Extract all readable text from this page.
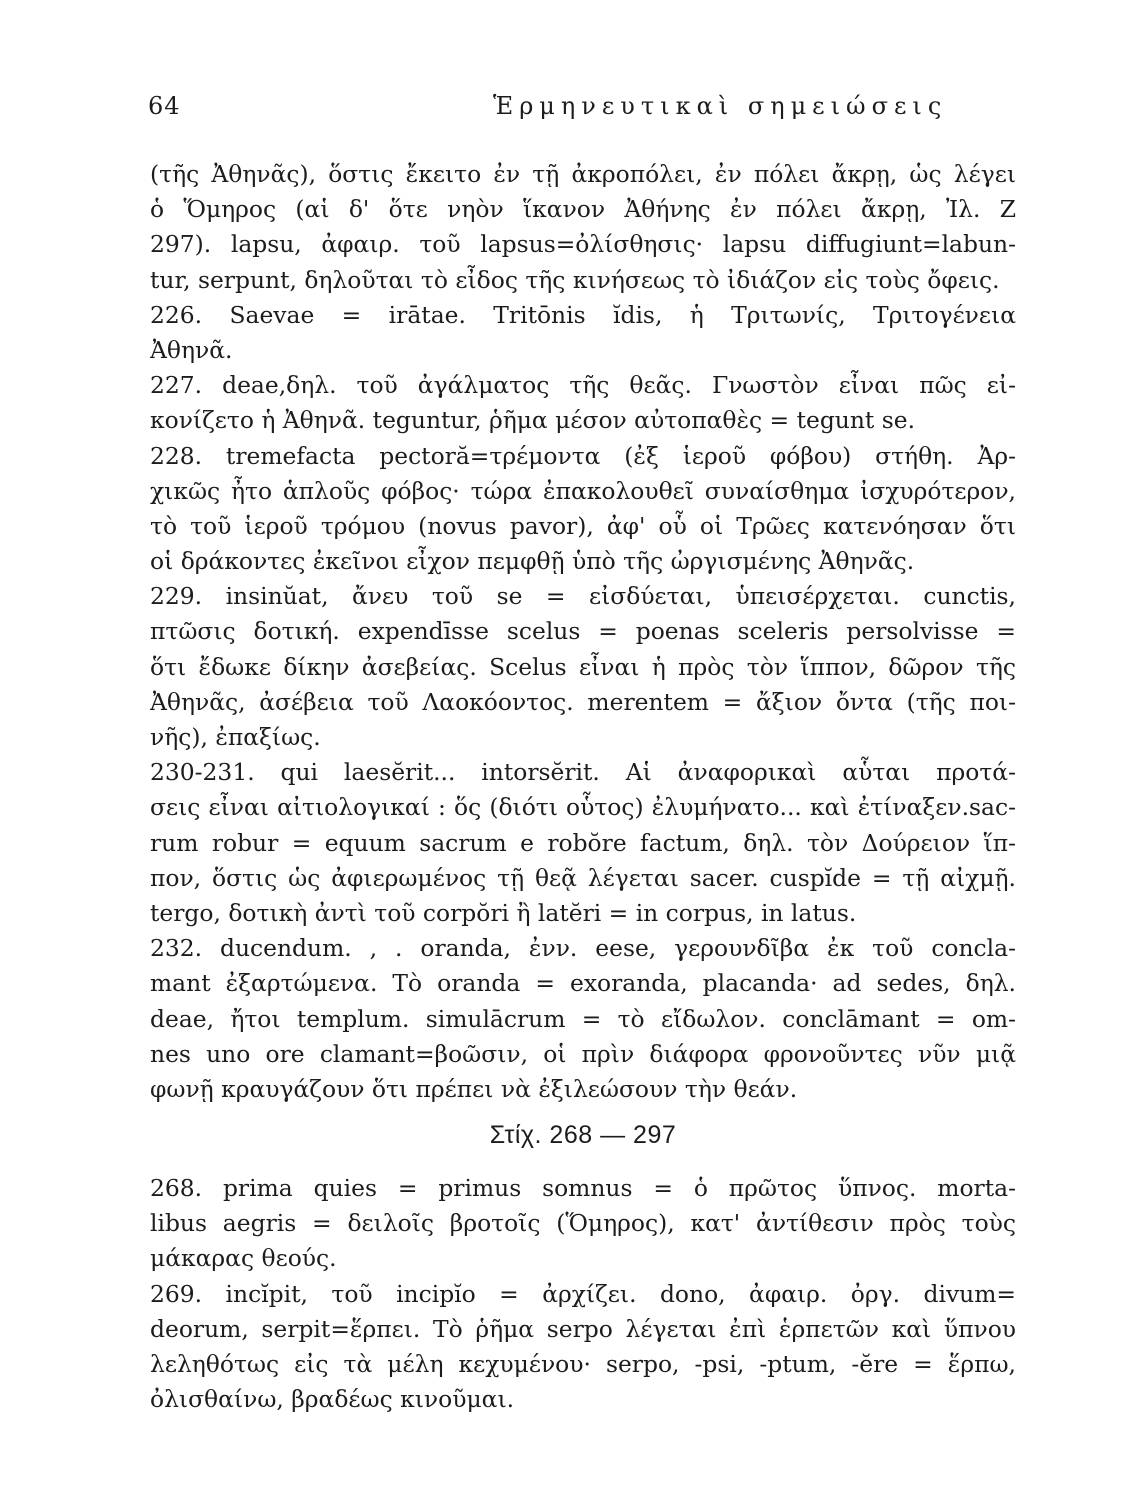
64	Ἑρμηνευτικαὶ σημειώσεις
(τῆς Ἀθηνᾶς), ὅστις ἔκειτο ἐν τῇ ἀκροπόλει, ἐν πόλει ἄκρῃ, ὡς λέγει
ὁ Ὅμηρος (αἱ δ' ὅτε νηὸν ἵκανον Ἀθήνης ἐν πόλει ἄκρῃ, Ἰλ. Ζ
297). lapsu, ἀφαιρ. τοῦ lapsus=ὀλίσθησις· lapsu diffugiunt=labun-
tur, serpunt, δηλοῦται τὸ εἶδος τῆς κινήσεως τὸ ἰδιάζον εἰς τοὺς ὄφεις.
226. Saevae = irātae. Tritōnis ĭdis, ἡ Τριτωνίς, Τριτογένεια
Ἀθηνᾶ.
227. deae,δηλ. τοῦ ἀγάλματος τῆς θεᾶς. Γνωστὸν εἶναι πῶς εἰ-
κονίζετο ἡ Ἀθηνᾶ. teguntur, ῥῆμα μέσον αὐτοπαθὲς = tegunt se.
228. tremefacta pectoră=τρέμοντα (ἐξ ἱεροῦ φόβου) στήθη. Ἀρ-
χικῶς ἦτο ἁπλοῦς φόβος· τώρα ἐπακολουθεῖ συναίσθημα ἰσχυρότερον,
τὸ τοῦ ἱεροῦ τρόμου (novus pavor), ἀφ' οὗ οἱ Τρῶες κατενόησαν ὅτι
οἱ δράκοντες ἐκεῖνοι εἶχον πεμφθῇ ὑπὸ τῆς ὠργισμένης Ἀθηνᾶς.
229. insinŭat, ἄνευ τοῦ se = εἰσδύεται, ὑπεισέρχεται. cunctis,
πτῶσις δοτική. expendīsse scelus = poenas sceleris persolvisse =
ὅτι ἔδωκε δίκην ἀσεβείας. Scelus εἶναι ἡ πρὸς τὸν ἵππον, δῶρον τῆς
Ἀθηνᾶς, ἀσέβεια τοῦ Λαοκόοντος. merentem = ἄξιον ὄντα (τῆς ποι-
νῆς), ἐπαξίως.
230-231. qui laesĕrit... intorsĕrit. Αἱ ἀναφορικαὶ αὗται προτά-
σεις εἶναι αἰτιολογικαί : ὅς (διότι οὗτος) ἐλυμήνατο... καὶ ἐτίναξεν.sac-
rum robur = equum sacrum e robŏre factum, δηλ. τὸν Δούρειον ἵπ-
πον, ὅστις ὡς ἀφιερωμένος τῇ θεᾷ λέγεται sacer. cuspĭde = τῇ αἰχμῇ.
tergo, δοτικὴ ἀντὶ τοῦ corpŏri ἢ latĕri = in corpus, in latus.
232. ducendum. , . oranda, ἐνν. eese, γερουνδῖβα ἐκ τοῦ concla-
mant ἐξαρτώμενα. Τὸ oranda = exoranda, placanda· ad sedes, δηλ.
deae, ἤτοι templum. simulācrum = τὸ εἴδωλον. conclāmant = om-
nes uno ore clamant=βοῶσιν, οἱ πρὶν διάφορα φρονοῦντες νῦν μιᾷ
φωνῇ κραυγάζουν ὅτι πρέπει νὰ ἐξιλεώσουν τὴν θεάν.
Στίχ. 268 — 297
268. prima quies = primus somnus = ὁ πρῶτος ὕπνος. morta-
libus aegris = δειλοῖς βροτοῖς (Ὅμηρος), κατ' ἀντίθεσιν πρὸς τοὺς
μάκαρας θεούς.
269. incĭpit, τοῦ incipĭo = ἀρχίζει. dono, ἀφαιρ. ὀργ. divum=
deorum, serpit=ἕρπει. Τὸ ῥῆμα serpo λέγεται ἐπὶ ἑρπετῶν καὶ ὕπνου
λεληθότως εἰς τὰ μέλη κεχυμένου· serpo, -psi, -ptum, -ĕre = ἕρπω,
ὀλισθαίνω, βραδέως κινοῦμαι.
